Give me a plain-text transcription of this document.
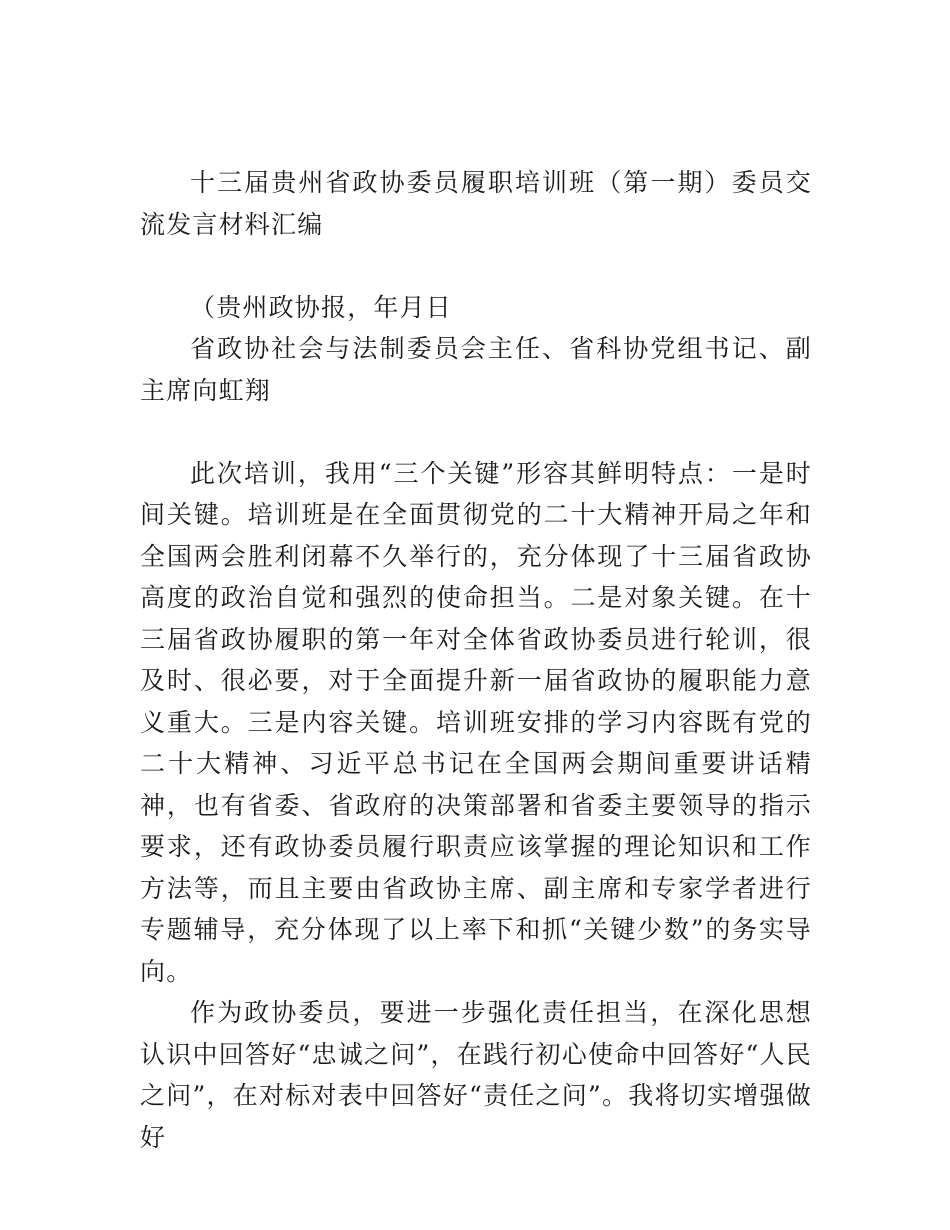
十三届贵州省政协委员履职培训班（第一期）委员交流发言材料汇编

（贵州政协报，年月日

省政协社会与法制委员会主任、省科协党组书记、副主席向虹翔

此次培训，我用“三个关键”形容其鲜明特点：一是时间关键。培训班是在全面贯彻党的二十大精神开局之年和全国两会胜利闭幕不久举行的，充分体现了十三届省政协高度的政治自觉和强烈的使命担当。二是对象关键。在十三届省政协履职的第一年对全体省政协委员进行轮训，很及时、很必要，对于全面提升新一届省政协的履职能力意义重大。三是内容关键。培训班安排的学习内容既有党的二十大精神、习近平总书记在全国两会期间重要讲话精神，也有省委、省政府的决策部署和省委主要领导的指示要求，还有政协委员履行职责应该掌握的理论知识和工作方法等，而且主要由省政协主席、副主席和专家学者进行专题辅导，充分体现了以上率下和抓“关键少数”的务实导向。

作为政协委员，要进一步强化责任担当，在深化思想认识中回答好“忠诚之问”，在践行初心使命中回答好“人民之问”，在对标对表中回答好“责任之问”。我将切实增强做好
